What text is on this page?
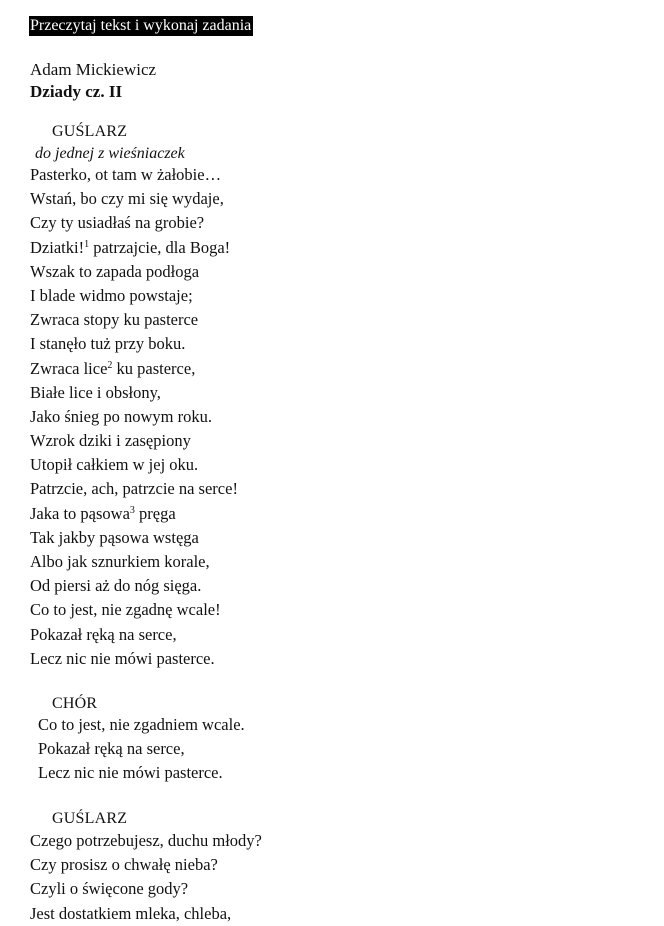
Przeczytaj tekst i wykonaj zadania
Adam Mickiewicz
Dziady cz. II
GUŚLARZ
do jednej z wieśniaczek
Pasterko, ot tam w żałobie…
Wstań, bo czy mi się wydaje,
Czy ty usiadłaś na grobie?
Dziatki!$^1$ patrzajcie, dla Boga!
Wszak to zapada podłoga
I blade widmo powstaje;
Zwraca stopy ku pasterce
I stanęło tuż przy boku.
Zwraca lice$^2$ ku pasterce,
Białe lice i obsłony,
Jako śnieg po nowym roku.
Wzrok dziki i zasępiony
Utopił całkiem w jej oku.
Patrzcie, ach, patrzcie na serce!
Jaka to pąsowa$^3$ pręga
Tak jakby pąsowa wstęga
Albo jak sznurkiem korale,
Od piersi aż do nóg sięga.
Co to jest, nie zgadnę wcale!
Pokazał ręką na serce,
Lecz nic nie mówi pasterce.
CHÓR
Co to jest, nie zgadniem wcale.
Pokazał ręką na serce,
Lecz nic nie mówi pasterce.
GUŚLARZ
Czego potrzebujesz, duchu młody?
Czy prosisz o chwałę nieba?
Czyli o święcone gody?
Jest dostatkiem mleka, chleba,
